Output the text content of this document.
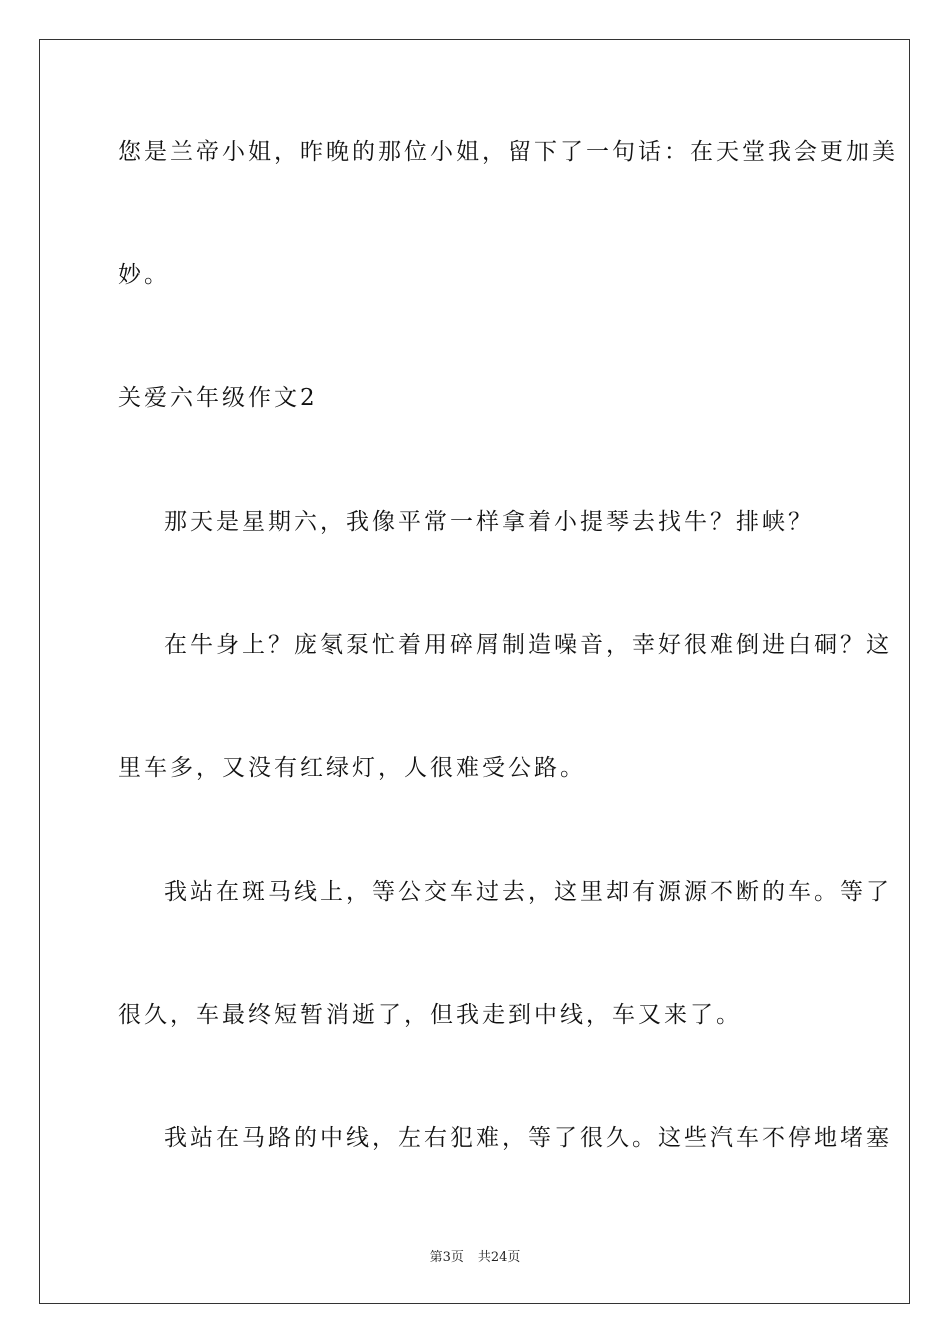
您是兰帝小姐，昨晚的那位小姐，留下了一句话：在天堂我会更加美
妙。
关爱六年级作文2
那天是星期六，我像平常一样拿着小提琴去找牛？排峡？
在牛身上？庞氡泵忙着用碎屑制造噪音，幸好很难倒进白硐？这
里车多，又没有红绿灯，人很难受公路。
我站在斑马线上，等公交车过去，这里却有源源不断的车。等了
很久，车最终短暂消逝了，但我走到中线，车又来了。
我站在马路的中线，左右犯难，等了很久。这些汽车不停地堵塞
第3页 共24页
